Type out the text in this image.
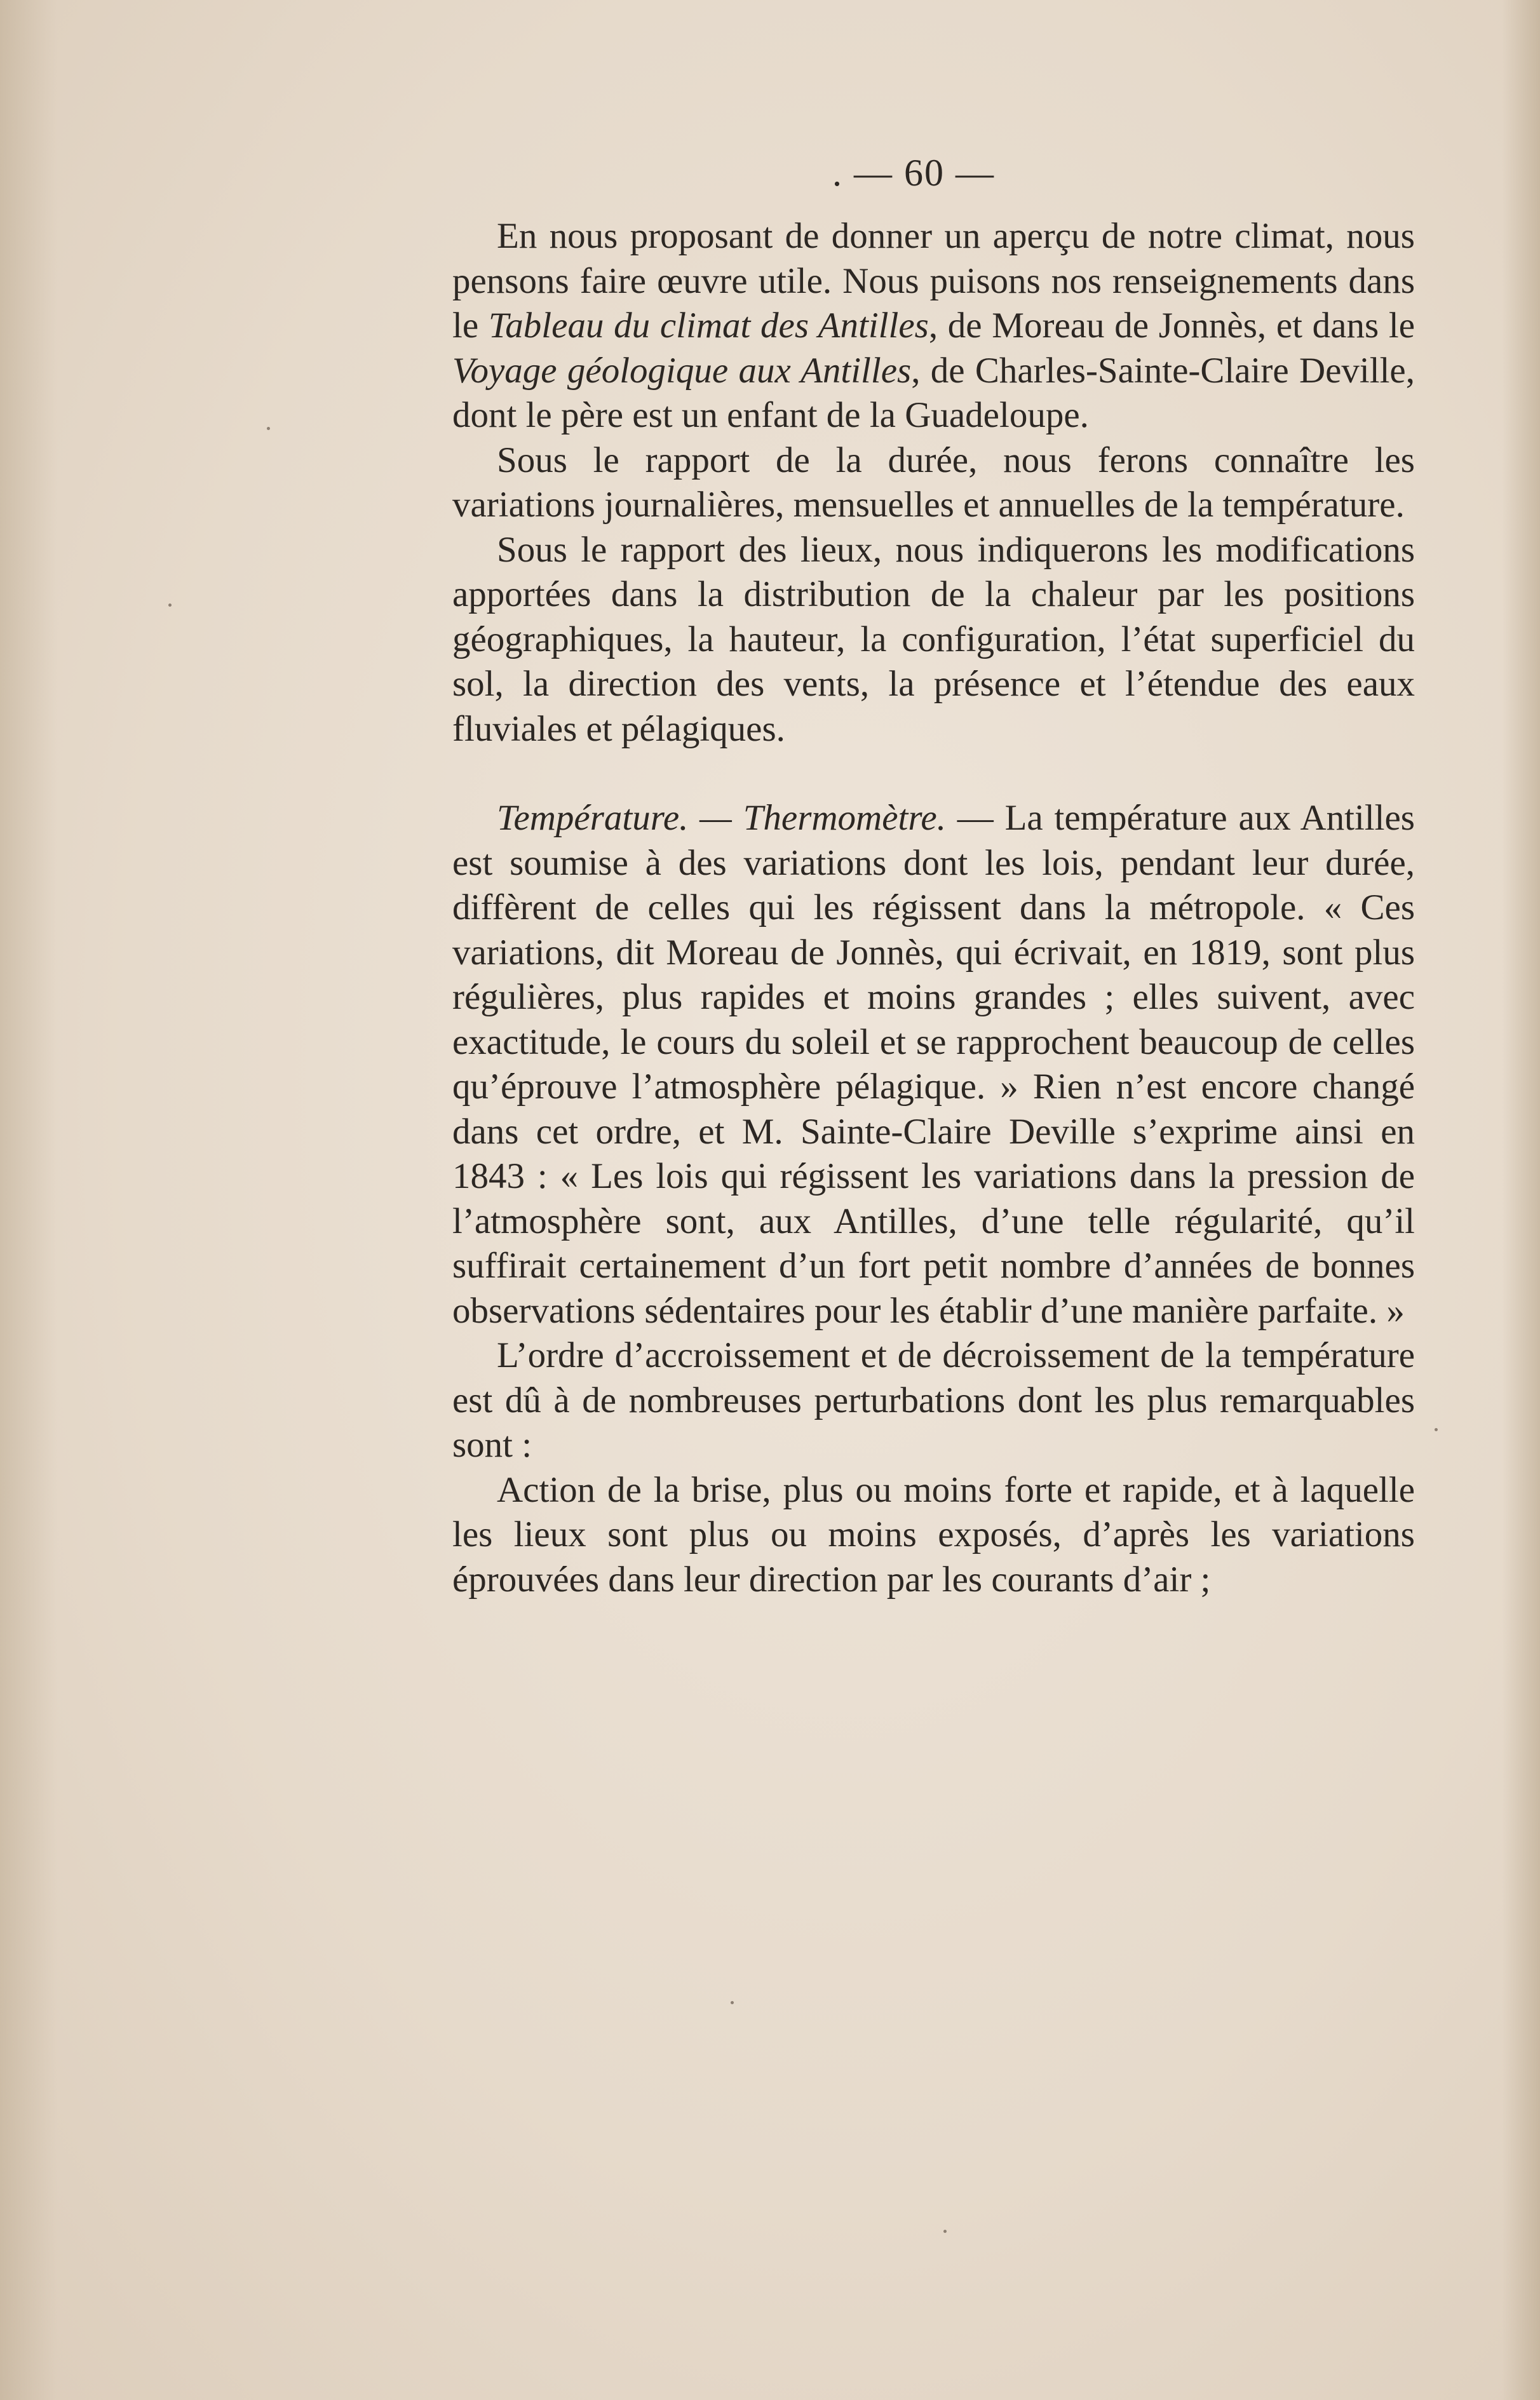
. — 60 —

En nous proposant de donner un aperçu de notre climat, nous pensons faire œuvre utile. Nous puisons nos renseignements dans le Tableau du climat des Antilles, de Moreau de Jonnès, et dans le Voyage géologique aux Antilles, de Charles-Sainte-Claire Deville, dont le père est un enfant de la Guadeloupe.

Sous le rapport de la durée, nous ferons connaître les variations journalières, mensuelles et annuelles de la température.

Sous le rapport des lieux, nous indiquerons les modifications apportées dans la distribution de la chaleur par les positions géographiques, la hauteur, la configuration, l’état superficiel du sol, la direction des vents, la présence et l’étendue des eaux fluviales et pélagiques.

Température. — Thermomètre. — La température aux Antilles est soumise à des variations dont les lois, pendant leur durée, diffèrent de celles qui les régissent dans la métropole. « Ces variations, dit Moreau de Jonnès, qui écrivait, en 1819, sont plus régulières, plus rapides et moins grandes ; elles suivent, avec exactitude, le cours du soleil et se rapprochent beaucoup de celles qu’éprouve l’atmosphère pélagique. » Rien n’est encore changé dans cet ordre, et M. Sainte-Claire Deville s’exprime ainsi en 1843 : « Les lois qui régissent les variations dans la pression de l’atmosphère sont, aux Antilles, d’une telle régularité, qu’il suffirait certainement d’un fort petit nombre d’années de bonnes observations sédentaires pour les établir d’une manière parfaite. »

L’ordre d’accroissement et de décroissement de la température est dû à de nombreuses perturbations dont les plus remarquables sont :

Action de la brise, plus ou moins forte et rapide, et à laquelle les lieux sont plus ou moins exposés, d’après les variations éprouvées dans leur direction par les courants d’air ;
